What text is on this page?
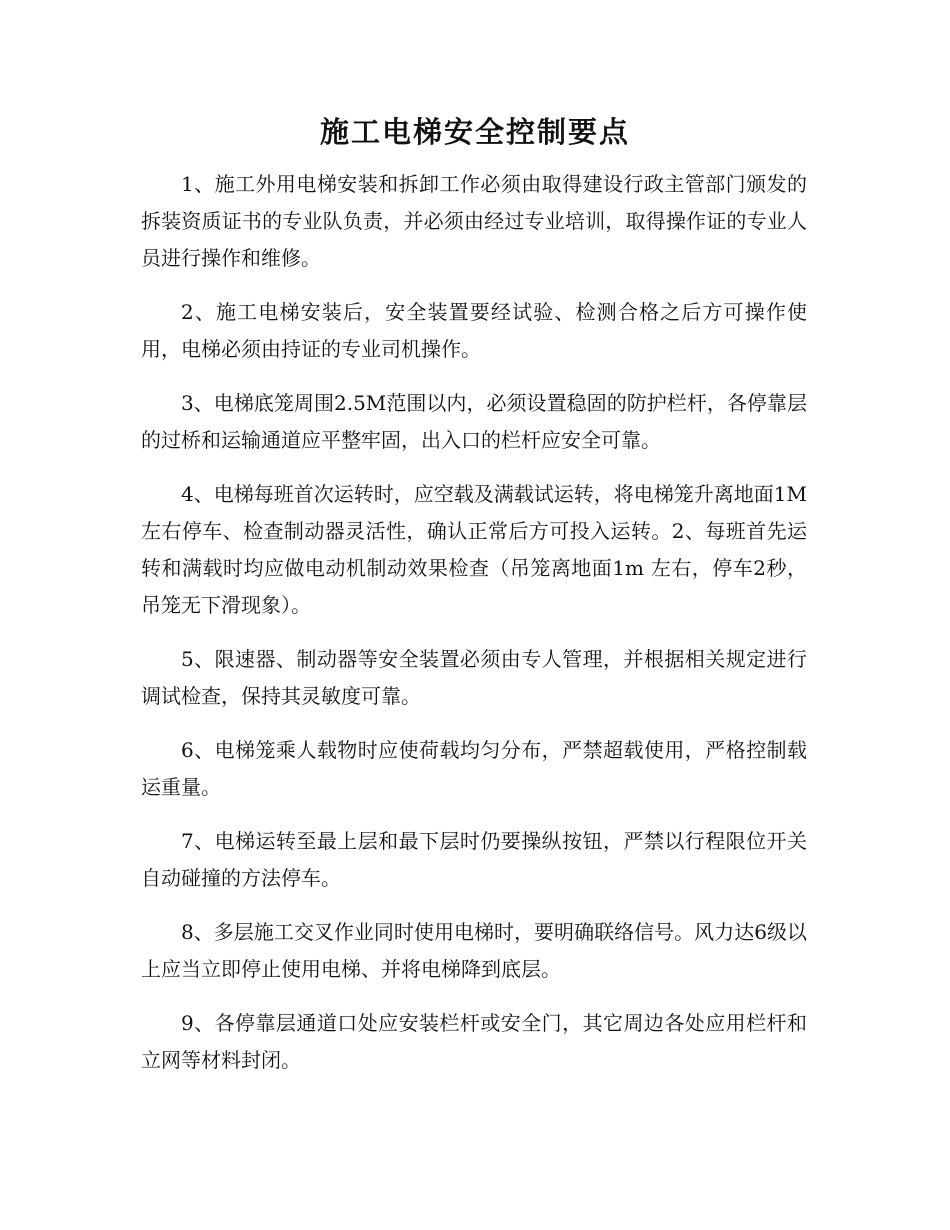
施工电梯安全控制要点

1、施工外用电梯安装和拆卸工作必须由取得建设行政主管部门颁发的拆装资质证书的专业队负责，并必须由经过专业培训，取得操作证的专业人员进行操作和维修。

2、施工电梯安装后，安全装置要经试验、检测合格之后方可操作使用，电梯必须由持证的专业司机操作。

3、电梯底笼周围2.5M范围以内，必须设置稳固的防护栏杆，各停靠层的过桥和运输通道应平整牢固，出入口的栏杆应安全可靠。

4、电梯每班首次运转时，应空载及满载试运转，将电梯笼升离地面1M左右停车、检查制动器灵活性，确认正常后方可投入运转。2、每班首先运转和满载时均应做电动机制动效果检查（吊笼离地面1m 左右，停车2秒，吊笼无下滑现象）。

5、限速器、制动器等安全装置必须由专人管理，并根据相关规定进行调试检查，保持其灵敏度可靠。

6、电梯笼乘人载物时应使荷载均匀分布，严禁超载使用，严格控制载运重量。

7、电梯运转至最上层和最下层时仍要操纵按钮，严禁以行程限位开关自动碰撞的方法停车。

8、多层施工交叉作业同时使用电梯时，要明确联络信号。风力达6级以上应当立即停止使用电梯、并将电梯降到底层。

9、各停靠层通道口处应安装栏杆或安全门，其它周边各处应用栏杆和立网等材料封闭。
